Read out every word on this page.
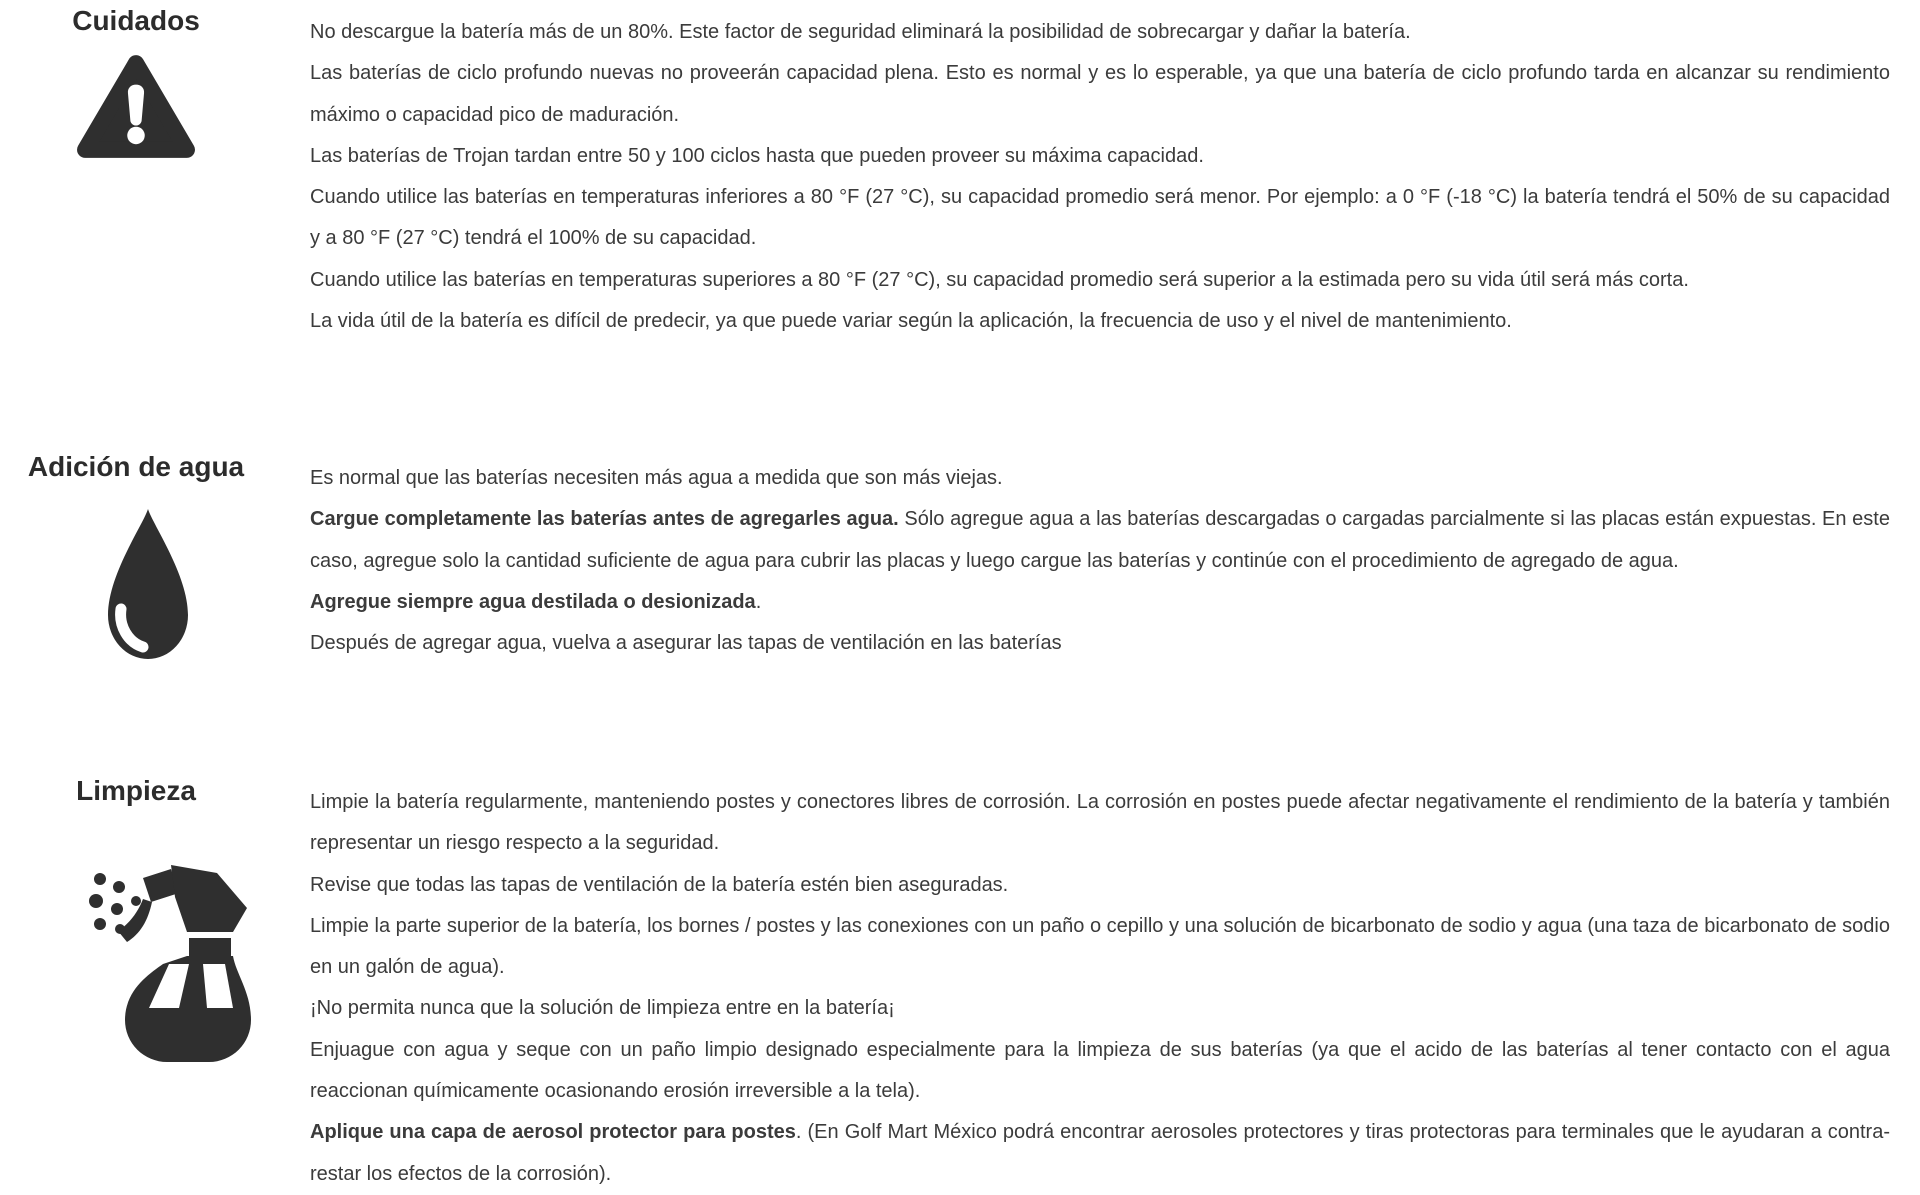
Cuidados	No descargue la batería más de un 80%. Este factor de seguridad eliminará la posibilidad de sobrecargar y dañar la batería.

Las baterías de ciclo profundo nuevas no proveerán capacidad plena. Esto es normal y es lo esperable, ya que una batería de ciclo profundo tarda en alcanzar su rendimiento máximo o capacidad pico de maduración.

Las baterías de Trojan tardan entre 50 y 100 ciclos hasta que pueden proveer su máxima capacidad.

Cuando utilice las baterías en temperaturas inferiores a 80 °F (27 °C), su capacidad promedio será menor. Por ejemplo: a 0 °F (-18 °C) la batería tendrá el 50% de su capacidad y a 80 °F (27 °C) tendrá el 100% de su capacidad.

Cuando utilice las baterías en temperaturas superiores a 80 °F (27 °C), su capacidad promedio será superior a la estimada pero su vida útil será más corta.

La vida útil de la batería es difícil de predecir, ya que puede variar según la aplicación, la frecuencia de uso y el nivel de mantenimiento.

Adición de agua	Es normal que las baterías necesiten más agua a medida que son más viejas.

Cargue completamente las baterías antes de agregarles agua. Sólo agregue agua a las baterías descargadas o cargadas parcialmente si las placas están expuestas. En este caso, agregue solo la cantidad suficiente de agua para cubrir las placas y luego cargue las baterías y continúe con el procedimiento de agregado de agua.

Agregue siempre agua destilada o desionizada.

Después de agregar agua, vuelva a asegurar las tapas de ventilación en las baterías

Limpieza	Limpie la batería regularmente, manteniendo postes y conectores libres de corrosión. La corrosión en postes puede afectar negativamente el rendimiento de la batería y también representar un riesgo respecto a la seguridad.

Revise que todas las tapas de ventilación de la batería estén bien aseguradas.

Limpie la parte superior de la batería, los bornes / postes y las conexiones con un paño o cepillo y una solución de bicarbonato de sodio y agua (una taza de bicarbonato de sodio en un galón de agua).

¡No permita nunca que la solución de limpieza entre en la batería¡

Enjuague con agua y seque con un paño limpio designado especialmente para la limpieza de sus baterías (ya que el acido de las baterías al tener contacto con el agua reaccionan químicamente ocasionando erosión irreversible a la tela).

Aplique una capa de aerosol protector para postes. (En Golf Mart México podrá encontrar aerosoles protectores y tiras protectoras para terminales que le ayudaran a contra-restar los efectos de la corrosión).
